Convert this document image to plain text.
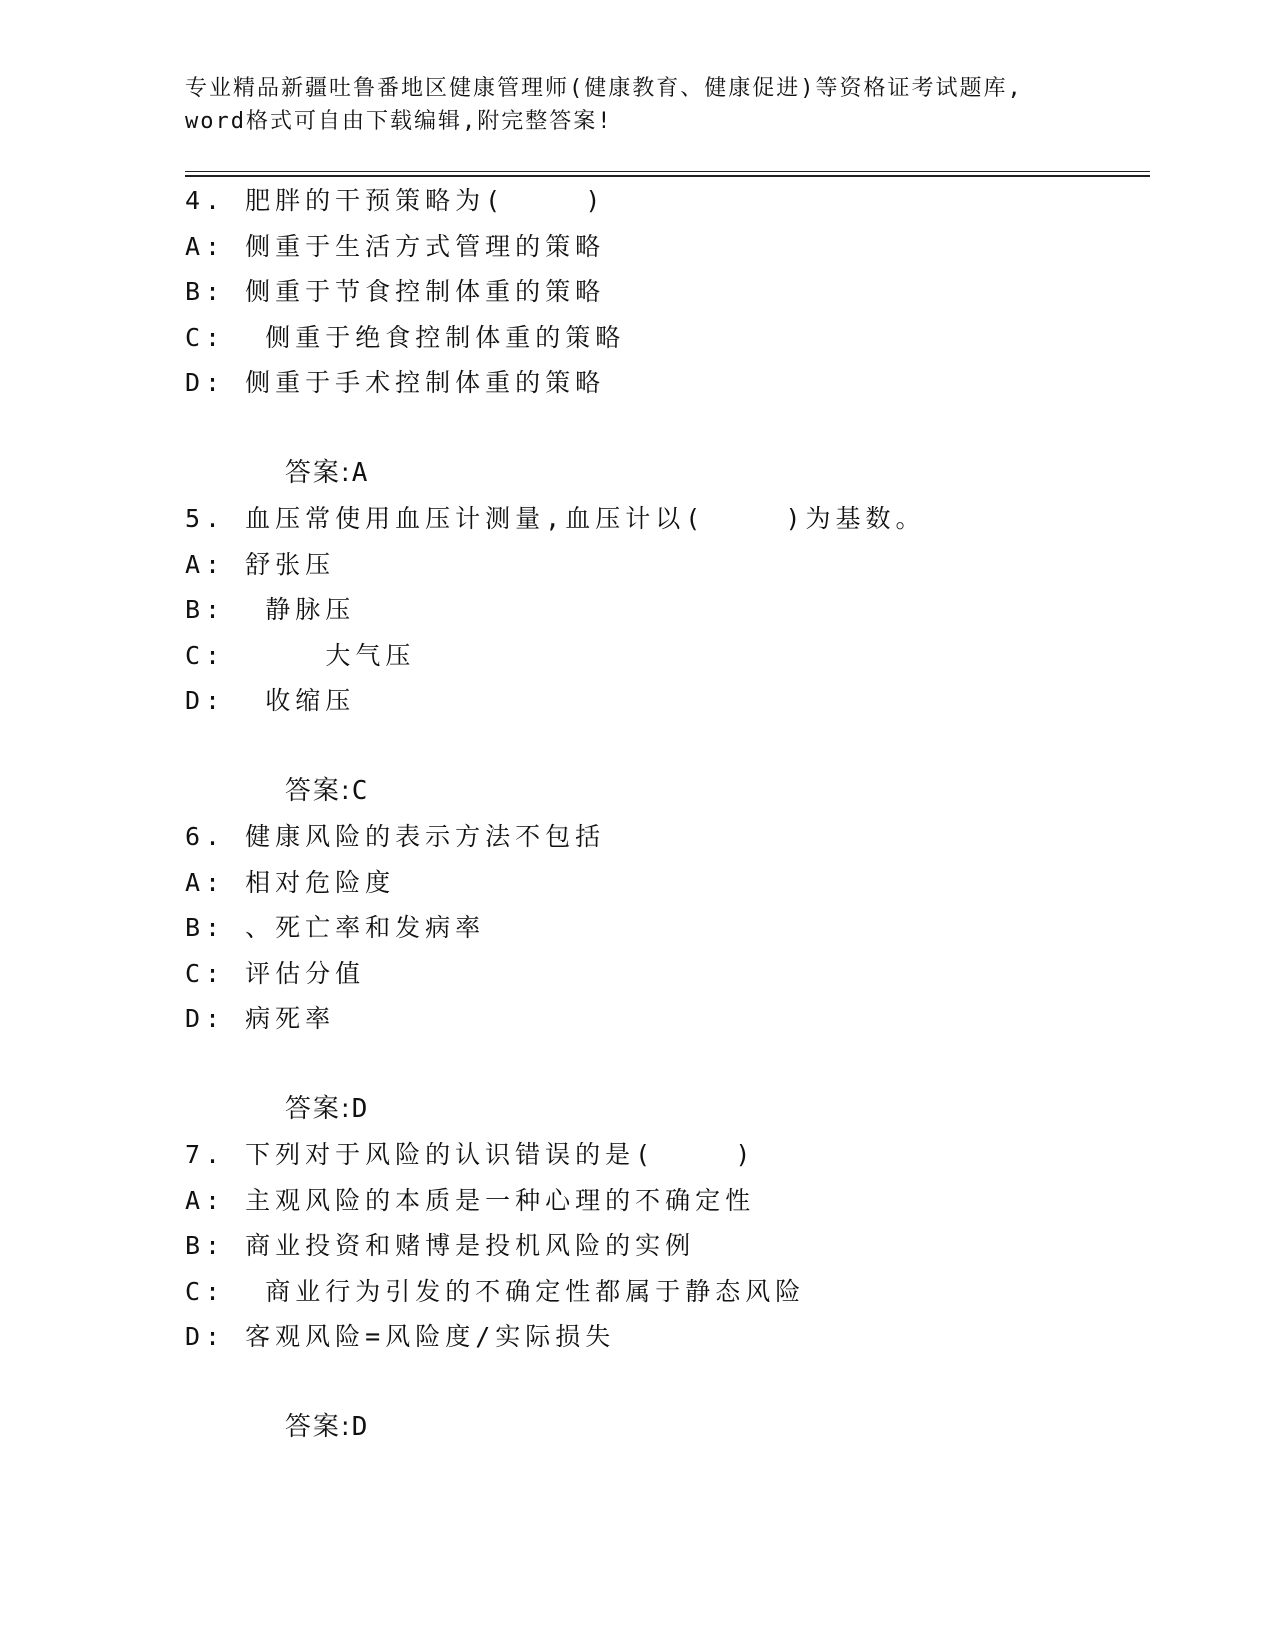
专业精品新疆吐鲁番地区健康管理师(健康教育、健康促进)等资格证考试题库,
word格式可自由下载编辑,附完整答案!
4. 肥胖的干预策略为(    )
A: 侧重于生活方式管理的策略
B: 侧重于节食控制体重的策略
C:  侧重于绝食控制体重的策略
D: 侧重于手术控制体重的策略

答案:A

5. 血压常使用血压计测量,血压计以(    )为基数。
A: 舒张压
B:  静脉压
C:     大气压
D:  收缩压

答案:C

6. 健康风险的表示方法不包括
A: 相对危险度
B: 、死亡率和发病率
C: 评估分值
D: 病死率

答案:D

7. 下列对于风险的认识错误的是(    )
A: 主观风险的本质是一种心理的不确定性
B: 商业投资和赌博是投机风险的实例
C:  商业行为引发的不确定性都属于静态风险
D: 客观风险=风险度/实际损失

答案:D
